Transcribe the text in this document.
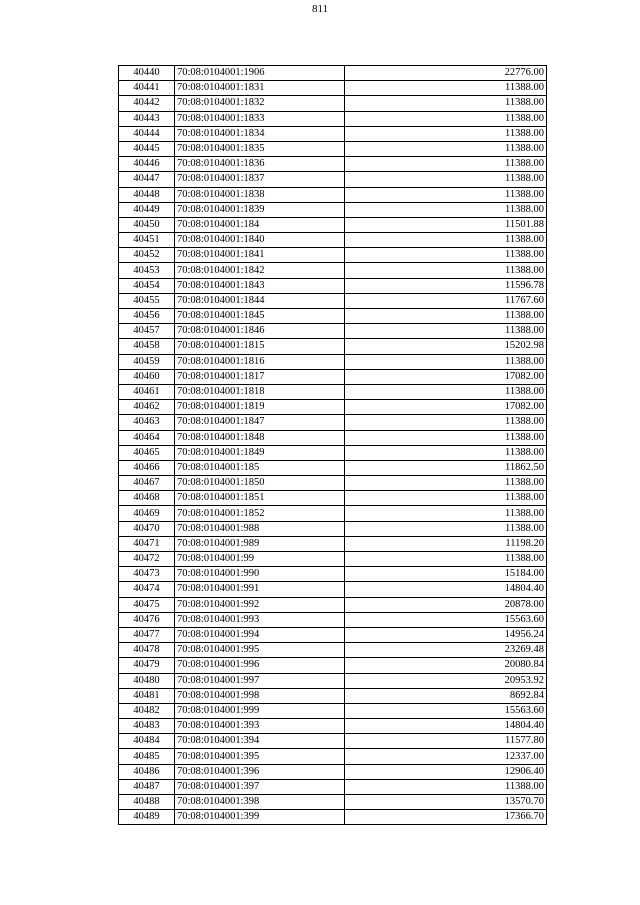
811
40440	70:08:0104001:1906	22776.00
40441	70:08:0104001:1831	11388.00
40442	70:08:0104001:1832	11388.00
40443	70:08:0104001:1833	11388.00
40444	70:08:0104001:1834	11388.00
40445	70:08:0104001:1835	11388.00
40446	70:08:0104001:1836	11388.00
40447	70:08:0104001:1837	11388.00
40448	70:08:0104001:1838	11388.00
40449	70:08:0104001:1839	11388.00
40450	70:08:0104001:184	11501.88
40451	70:08:0104001:1840	11388.00
40452	70:08:0104001:1841	11388.00
40453	70:08:0104001:1842	11388.00
40454	70:08:0104001:1843	11596.78
40455	70:08:0104001:1844	11767.60
40456	70:08:0104001:1845	11388.00
40457	70:08:0104001:1846	11388.00
40458	70:08:0104001:1815	15202.98
40459	70:08:0104001:1816	11388.00
40460	70:08:0104001:1817	17082.00
40461	70:08:0104001:1818	11388.00
40462	70:08:0104001:1819	17082.00
40463	70:08:0104001:1847	11388.00
40464	70:08:0104001:1848	11388.00
40465	70:08:0104001:1849	11388.00
40466	70:08:0104001:185	11862.50
40467	70:08:0104001:1850	11388.00
40468	70:08:0104001:1851	11388.00
40469	70:08:0104001:1852	11388.00
40470	70:08:0104001:988	11388.00
40471	70:08:0104001:989	11198.20
40472	70:08:0104001:99	11388.00
40473	70:08:0104001:990	15184.00
40474	70:08:0104001:991	14804.40
40475	70:08:0104001:992	20878.00
40476	70:08:0104001:993	15563.60
40477	70:08:0104001:994	14956.24
40478	70:08:0104001:995	23269.48
40479	70:08:0104001:996	20080.84
40480	70:08:0104001:997	20953.92
40481	70:08:0104001:998	8692.84
40482	70:08:0104001:999	15563.60
40483	70:08:0104001:393	14804.40
40484	70:08:0104001:394	11577.80
40485	70:08:0104001:395	12337.00
40486	70:08:0104001:396	12906.40
40487	70:08:0104001:397	11388.00
40488	70:08:0104001:398	13570.70
40489	70:08:0104001:399	17366.70
